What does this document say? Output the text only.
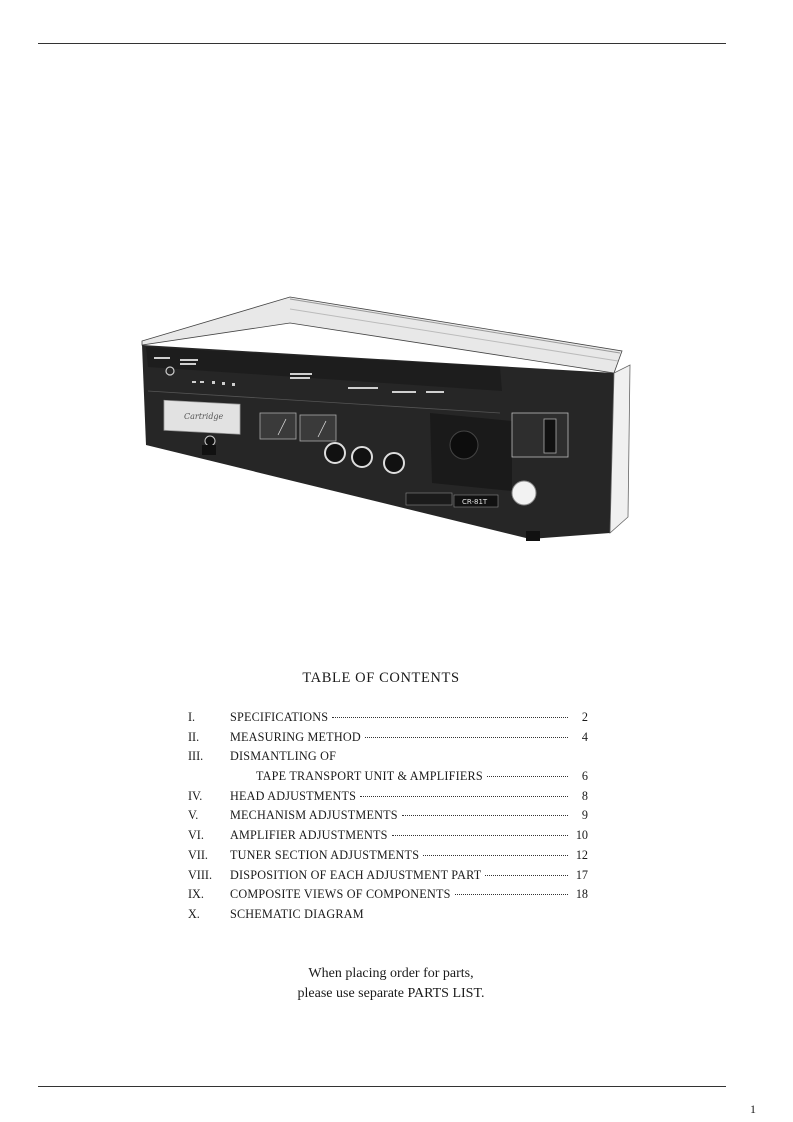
Cartridge
CR-81T
TABLE OF CONTENTS
I.	SPECIFICATIONS	2
II.	MEASURING METHOD	4
III. DISMANTLING OF
TAPE TRANSPORT UNIT & AMPLIFIERS	6
IV. HEAD ADJUSTMENTS	8
V.	MECHANISM ADJUSTMENTS	9
VI. AMPLIFIER ADJUSTMENTS	10
VII. TUNER SECTION ADJUSTMENTS	12
VIII. DISPOSITION OF EACH ADJUSTMENT PART	17
IX. COMPOSITE VIEWS OF COMPONENTS	18
X. SCHEMATIC DIAGRAM
When placing order for parts,
please use separate PARTS LIST.
1
